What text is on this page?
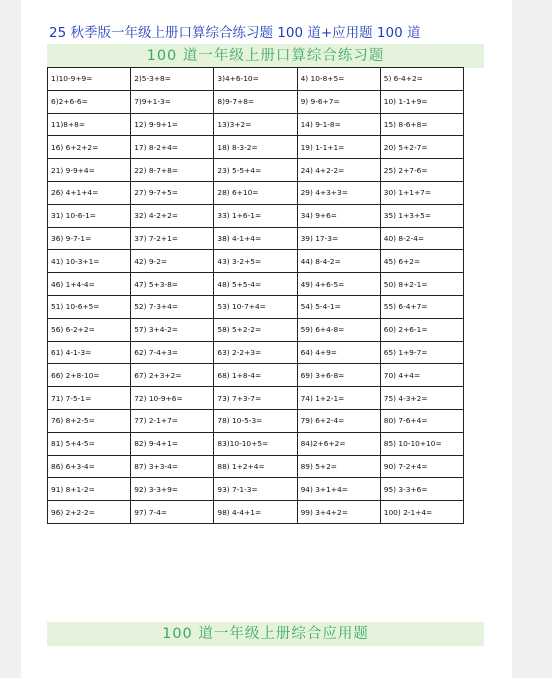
25 秋季版一年级上册口算综合练习题 100 道+应用题 100 道
100 道一年级上册口算综合练习题
1)10-9+9=	2)5-3+8=	3)4+6-10=	4) 10-8+5=	5) 6-4+2=
6)2+6-6=	7)9+1-3=	8)9-7+8=	9) 9-6+7=	10) 1-1+9=
11)8+8=	12) 9-9+1=	13)3+2=	14) 9-1-8=	15) 8-6+8=
16) 6+2+2=	17) 8-2+4=	18) 8-3-2=	19) 1-1+1=	20) 5+2-7=
21) 9-9+4=	22) 8-7+8=	23) 5-5+4=	24) 4+2-2=	25) 2+7-6=
26) 4+1+4=	27) 9-7+5=	28) 6+10=	29) 4+3+3=	30) 1+1+7=
31) 10-6-1=	32) 4-2+2=	33) 1+6-1=	34) 9+6=	35) 1+3+5=
36) 9-7-1=	37) 7-2+1=	38) 4-1+4=	39) 17-3=	40) 8-2-4=
41) 10-3+1=	42) 9-2=	43) 3-2+5=	44) 8-4-2=	45) 6+2=
46) 1+4-4=	47) 5+3-8=	48) 5+5-4=	49) 4+6-5=	50) 8+2-1=
51) 10-6+5=	52) 7-3+4=	53) 10-7+4=	54) 5-4-1=	55) 6-4+7=
56) 6-2+2=	57) 3+4-2=	58) 5+2-2=	59) 6+4-8=	60) 2+6-1=
61) 4-1-3=	62) 7-4+3=	63) 2-2+3=	64) 4+9=	65) 1+9-7=
66) 2+8-10=	67) 2+3+2=	68) 1+8-4=	69) 3+6-8=	70) 4+4=
71) 7-5-1=	72) 10-9+6=	73) 7+3-7=	74) 1+2-1=	75) 4-3+2=
76) 8+2-5=	77) 2-1+7=	78) 10-5-3=	79) 6+2-4=	80) 7-6+4=
81) 5+4-5=	82) 9-4+1=	83)10-10+5=	84)2+6+2=	85) 10-10+10=
86) 6+3-4=	87) 3+3-4=	88) 1+2+4=	89) 5+2=	90) 7-2+4=
91) 8+1-2=	92) 3-3+9=	93) 7-1-3=	94) 3+1+4=	95) 3-3+6=
96) 2+2-2=	97) 7-4=	98) 4-4+1=	99) 3+4+2=	100) 2-1+4=
100 道一年级上册综合应用题
